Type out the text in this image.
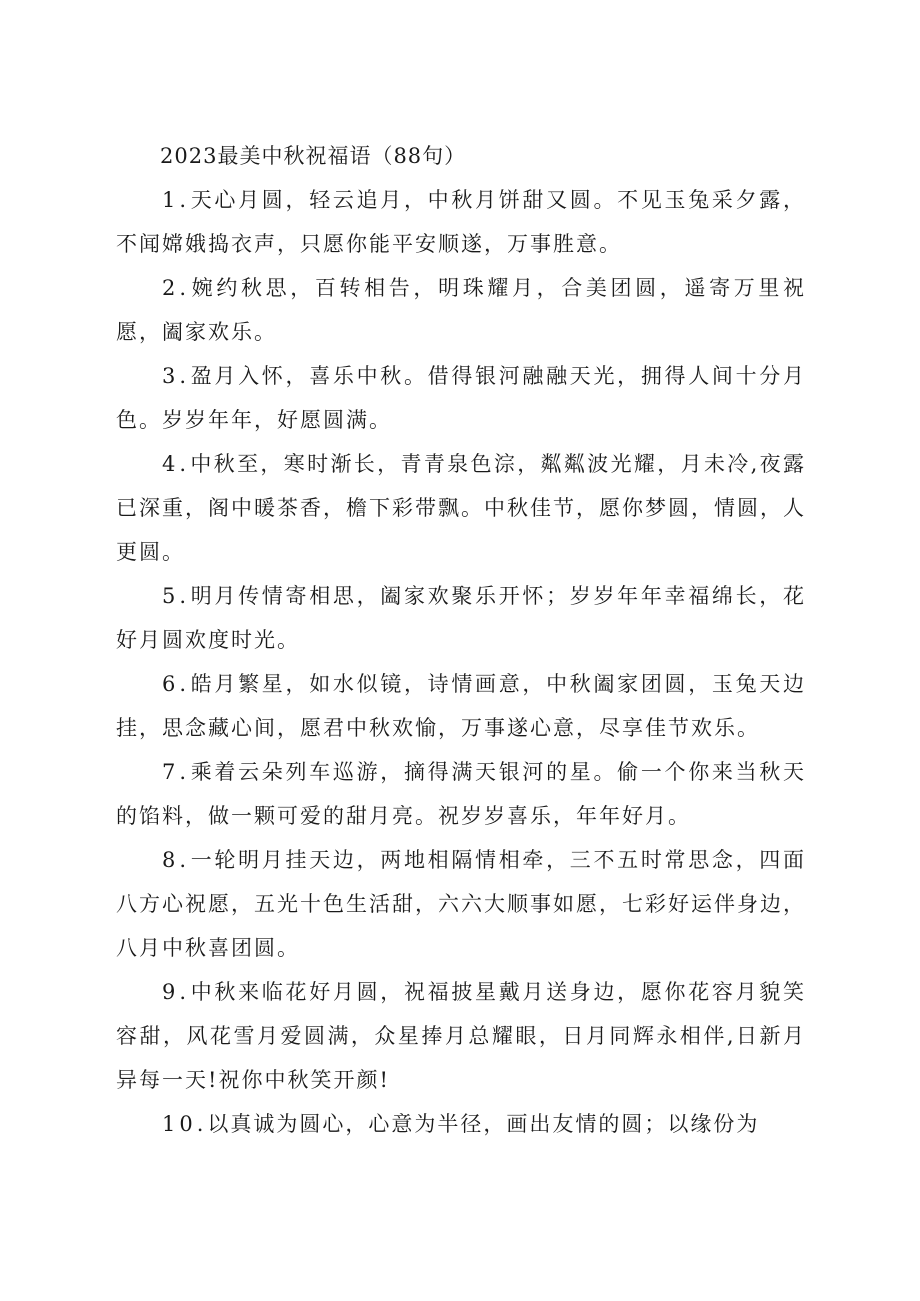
2023最美中秋祝福语（88句）

1.天心月圆，轻云追月，中秋月饼甜又圆。不见玉兔采夕露，不闻嫦娥捣衣声，只愿你能平安顺遂，万事胜意。

2.婉约秋思，百转相告，明珠耀月，合美团圆，遥寄万里祝愿，阖家欢乐。

3.盈月入怀，喜乐中秋。借得银河融融天光，拥得人间十分月色。岁岁年年，好愿圆满。

4.中秋至，寒时渐长，青青泉色淙，粼粼波光耀，月未冷,夜露已深重，阁中暖茶香，檐下彩带飘。中秋佳节，愿你梦圆，情圆，人更圆。

5.明月传情寄相思，阖家欢聚乐开怀；岁岁年年幸福绵长，花好月圆欢度时光。

6.皓月繁星，如水似镜，诗情画意，中秋阖家团圆，玉兔天边挂，思念藏心间，愿君中秋欢愉，万事遂心意，尽享佳节欢乐。

7.乘着云朵列车巡游，摘得满天银河的星。偷一个你来当秋天的馅料，做一颗可爱的甜月亮。祝岁岁喜乐，年年好月。

8.一轮明月挂天边，两地相隔情相牵，三不五时常思念，四面八方心祝愿，五光十色生活甜，六六大顺事如愿，七彩好运伴身边，八月中秋喜团圆。

9.中秋来临花好月圆，祝福披星戴月送身边，愿你花容月貌笑容甜，风花雪月爱圆满，众星捧月总耀眼，日月同辉永相伴,日新月异每一天!祝你中秋笑开颜!

10.以真诚为圆心，心意为半径，画出友情的圆；以缘份为
